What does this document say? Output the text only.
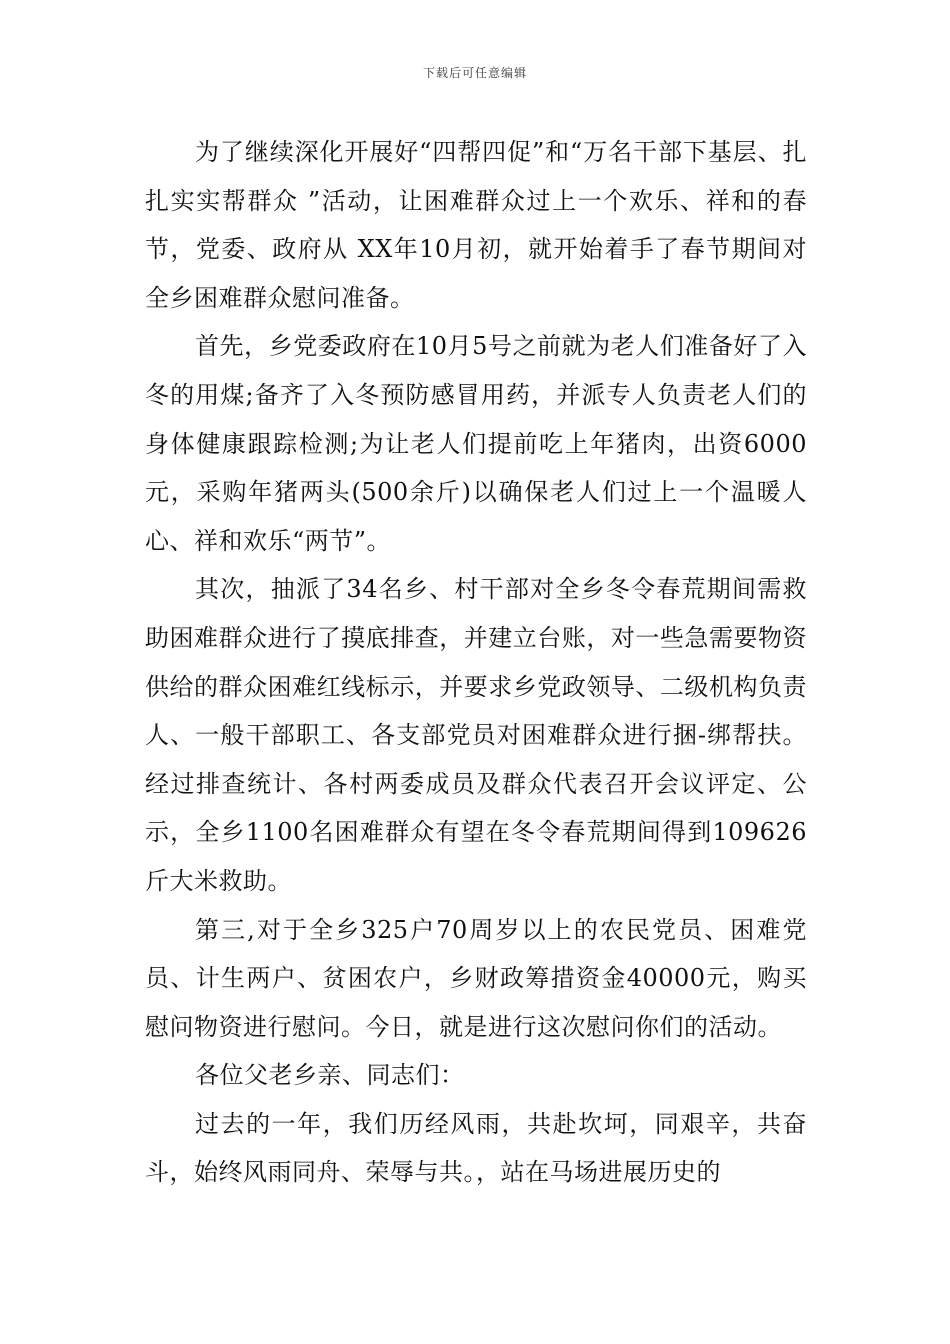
下载后可任意编辑

为了继续深化开展好“四帮四促”和“万名干部下基层、扎扎实实帮群众 ”活动，让困难群众过上一个欢乐、祥和的春节，党委、政府从 XX年10月初，就开始着手了春节期间对全乡困难群众慰问准备。

首先，乡党委政府在10月5号之前就为老人们准备好了入冬的用煤;备齐了入冬预防感冒用药，并派专人负责老人们的身体健康跟踪检测;为让老人们提前吃上年猪肉，出资6000元，采购年猪两头(500余斤)以确保老人们过上一个温暖人心、祥和欢乐“两节”。

其次，抽派了34名乡、村干部对全乡冬令春荒期间需救助困难群众进行了摸底排查，并建立台账，对一些急需要物资供给的群众困难红线标示，并要求乡党政领导、二级机构负责人、一般干部职工、各支部党员对困难群众进行捆-绑帮扶。经过排查统计、各村两委成员及群众代表召开会议评定、公示，全乡1100名困难群众有望在冬令春荒期间得到109626斤大米救助。

第三,对于全乡325户70周岁以上的农民党员、困难党员、计生两户、贫困农户，乡财政筹措资金40000元，购买慰问物资进行慰问。今日，就是进行这次慰问你们的活动。

各位父老乡亲、同志们：

过去的一年，我们历经风雨，共赴坎坷，同艰辛，共奋斗，始终风雨同舟、荣辱与共。，站在马场进展历史的
